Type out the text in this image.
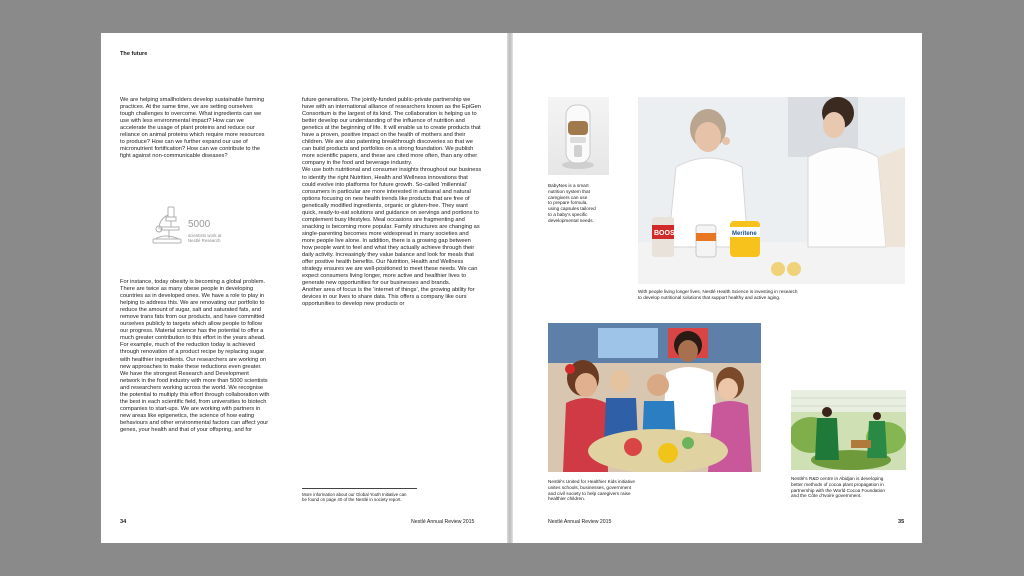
The future
We are helping smallholders develop sustainable farming practices. At the same time, we are setting ourselves tough challenges to overcome. What ingredients can we use with less environmental impact? How can we accelerate the usage of plant proteins and reduce our reliance on animal proteins which require more resources to produce? How can we further expand our use of micronutrient fortification? How can we contribute to the fight against non-communicable diseases?
5000
scientists work at
Nestlé Research
For instance, today obesity is becoming a global problem. There are twice as many obese people in developing countries as in developed ones. We have a role to play in helping to address this. We are renovating our portfolio to reduce the amount of sugar, salt and saturated fats, and remove trans fats from our products, and have committed ourselves publicly to targets which allow people to follow our progress. Material science has the potential to offer a much greater contribution to this effort in the years ahead. For example, much of the reduction today is achieved through renovation of a product recipe by replacing sugar with healthier ingredients. Our researchers are working on new approaches to make these reductions even greater.
We have the strongest Research and Development network in the food industry with more than 5000 scientists and researchers working across the world. We recognise the potential to multiply this effort through collaboration with the best in each scientific field, from universities to biotech companies to start-ups. We are working with partners in new areas like epigenetics, the science of how eating behaviours and other environmental factors can affect your genes, your health and that of your offspring, and for
future generations. The jointly-funded public-private partnership we have with an international alliance of researchers known as the EpiGen Consortium is the largest of its kind. The collaboration is helping us to better develop our understanding of the influence of nutrition and genetics at the beginning of life. It will enable us to create products that have a proven, positive impact on the health of mothers and their children. We are also patenting breakthrough discoveries so that we can build products and portfolios on a strong foundation. We publish more scientific papers, and these are cited more often, than any other company in the food and beverage industry.
We use both nutritional and consumer insights throughout our business to identify the right Nutrition, Health and Wellness innovations that could evolve into platforms for future growth. So-called ‘millennial’ consumers in particular are more interested in artisanal and natural options focusing on new health trends like products that are free of genetically modified ingredients, organic or gluten-free. They want quick, ready-to-eat solutions and guidance on servings and portions to complement busy lifestyles. Meal occasions are fragmenting and snacking is becoming more popular. Family structures are changing as single-parenting becomes more widespread in many societies and more people live alone. In addition, there is a growing gap between how people want to feel and what they actually achieve through their daily activity. Increasingly they value balance and look for meals that offer positive health benefits. Our Nutrition, Health and Wellness strategy ensures we are well-positioned to meet these needs. We can expect consumers living longer, more active and healthier lives to generate new opportunities for our businesses and brands.
Another area of focus is the ‘internet of things’, the growing ability for devices in our lives to share data. This offers a company like ours opportunities to develop new products or
More information about our Global Youth Initiative can
be found on page 40 of the Nestlé in society report.
34	Nestlé Annual Review 2015
BabyNes is a smart
nutrition system that
caregivers can use
to prepare formula,
using capsules tailored
to a baby’s specific
developmental needs.
BOOST	Meritene
With people living longer lives, Nestlé Health Science is investing in research
to develop nutritional solutions that support healthy and active aging.
Nestlé’s United for Healthier Kids initiative
unites schools, businesses, government
and civil society to help caregivers raise
healthier children.
Nestlé’s R&D centre in Abidjan is developing
better methods of cocoa plant propagation in
partnership with the World Cocoa Foundation
and the Côte d’Ivoire government.
Nestlé Annual Review 2015	35
